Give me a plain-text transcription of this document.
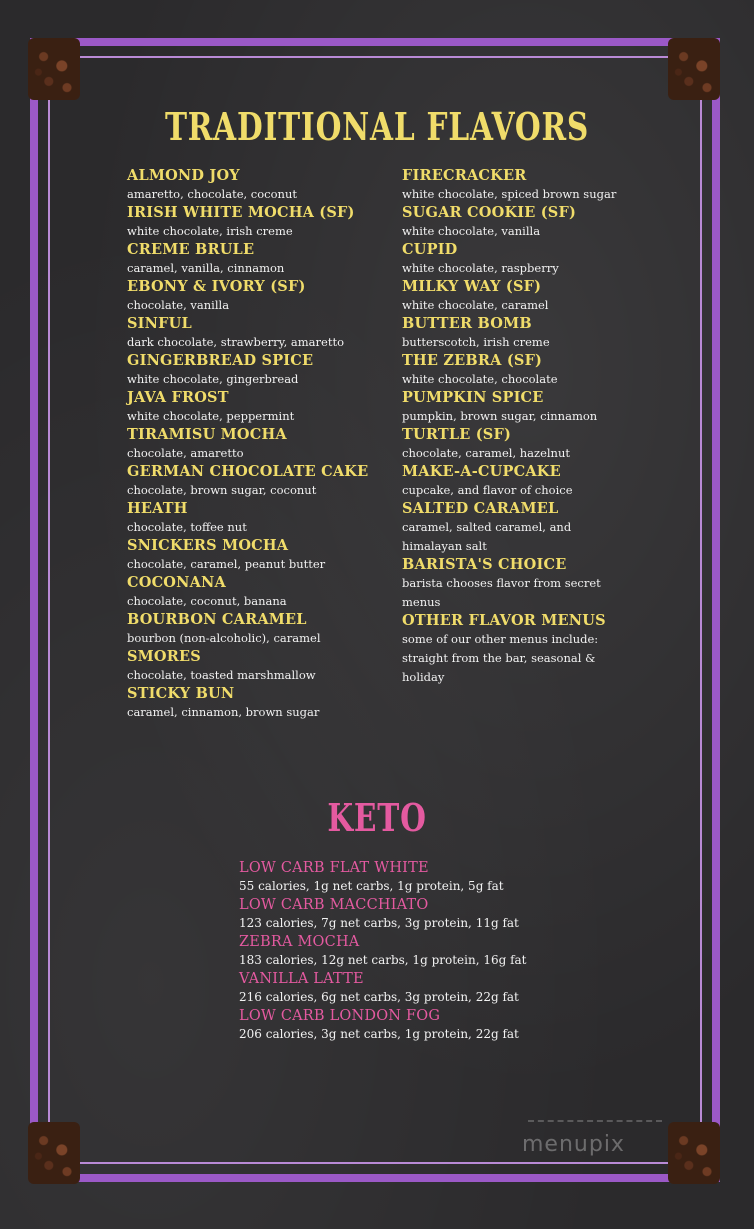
TRADITIONAL FLAVORS
ALMOND JOY
amaretto, chocolate, coconut
IRISH WHITE MOCHA (SF)
white chocolate, irish creme
CREME BRULE
caramel, vanilla, cinnamon
EBONY & IVORY (SF)
chocolate, vanilla
SINFUL
dark chocolate, strawberry, amaretto
GINGERBREAD SPICE
white chocolate, gingerbread
JAVA FROST
white chocolate, peppermint
TIRAMISU MOCHA
chocolate, amaretto
GERMAN CHOCOLATE CAKE
chocolate, brown sugar, coconut
HEATH
chocolate, toffee nut
SNICKERS MOCHA
chocolate, caramel, peanut butter
COCONANA
chocolate, coconut, banana
BOURBON CARAMEL
bourbon (non-alcoholic), caramel
SMORES
chocolate, toasted marshmallow
STICKY BUN
caramel, cinnamon, brown sugar
FIRECRACKER
white chocolate, spiced brown sugar
SUGAR COOKIE (SF)
white chocolate, vanilla
CUPID
white chocolate, raspberry
MILKY WAY (SF)
white chocolate, caramel
BUTTER BOMB
butterscotch, irish creme
THE ZEBRA (SF)
white chocolate, chocolate
PUMPKIN SPICE
pumpkin, brown sugar, cinnamon
TURTLE (SF)
chocolate, caramel, hazelnut
MAKE-A-CUPCAKE
cupcake, and flavor of choice
SALTED CARAMEL
caramel, salted caramel, and himalayan salt
BARISTA'S CHOICE
barista chooses flavor from secret menus
OTHER FLAVOR MENUS
some of our other menus include: straight from the bar, seasonal & holiday
KETO
LOW CARB FLAT WHITE
55 calories, 1g net carbs, 1g protein, 5g fat
LOW CARB MACCHIATO
123 calories, 7g net carbs, 3g protein, 11g fat
ZEBRA MOCHA
183 calories, 12g net carbs, 1g protein, 16g fat
VANILLA LATTE
216 calories, 6g net carbs, 3g protein, 22g fat
LOW CARB LONDON FOG
206 calories, 3g net carbs, 1g protein, 22g fat
menupix
